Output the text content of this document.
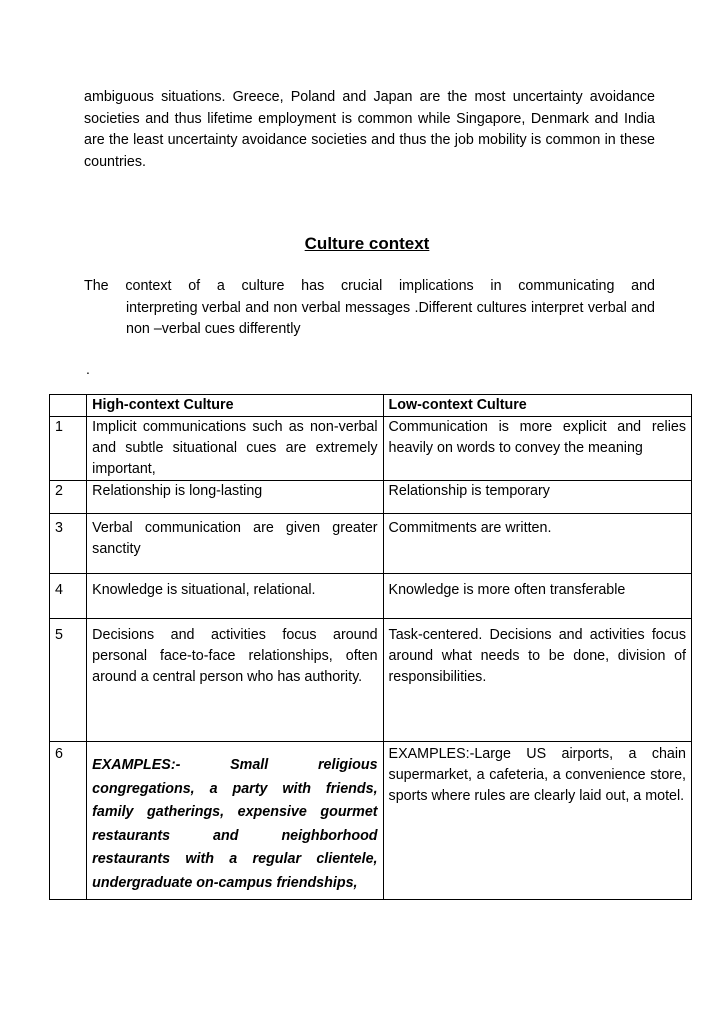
ambiguous situations. Greece, Poland and Japan are the most uncertainty avoidance societies and thus lifetime employment is common while Singapore, Denmark and India are the least uncertainty avoidance societies and thus the job mobility is common in these countries.
Culture context
The context of a culture has crucial implications in communicating and
interpreting verbal and non verbal messages .Different cultures interpret verbal and non –verbal cues differently
.
	High-context Culture	Low-context Culture
1	Implicit communications such as non-verbal and subtle situational cues are extremely important,	Communication is more explicit and relies heavily on words to convey the meaning
2	Relationship is long-lasting	Relationship is temporary
3	Verbal communication are given greater sanctity	Commitments are written.
4	Knowledge is situational, relational.	Knowledge is more often transferable
5	Decisions and activities focus around personal face-to-face relationships, often around a central person who has authority.	Task-centered. Decisions and activities focus around what needs to be done, division of responsibilities.
6	EXAMPLES:- Small religious congregations, a party with friends, family gatherings, expensive gourmet restaurants and neighborhood restaurants with a regular clientele, undergraduate on-campus friendships,	EXAMPLES:-Large US airports, a chain supermarket, a cafeteria, a convenience store, sports where rules are clearly laid out, a motel.
